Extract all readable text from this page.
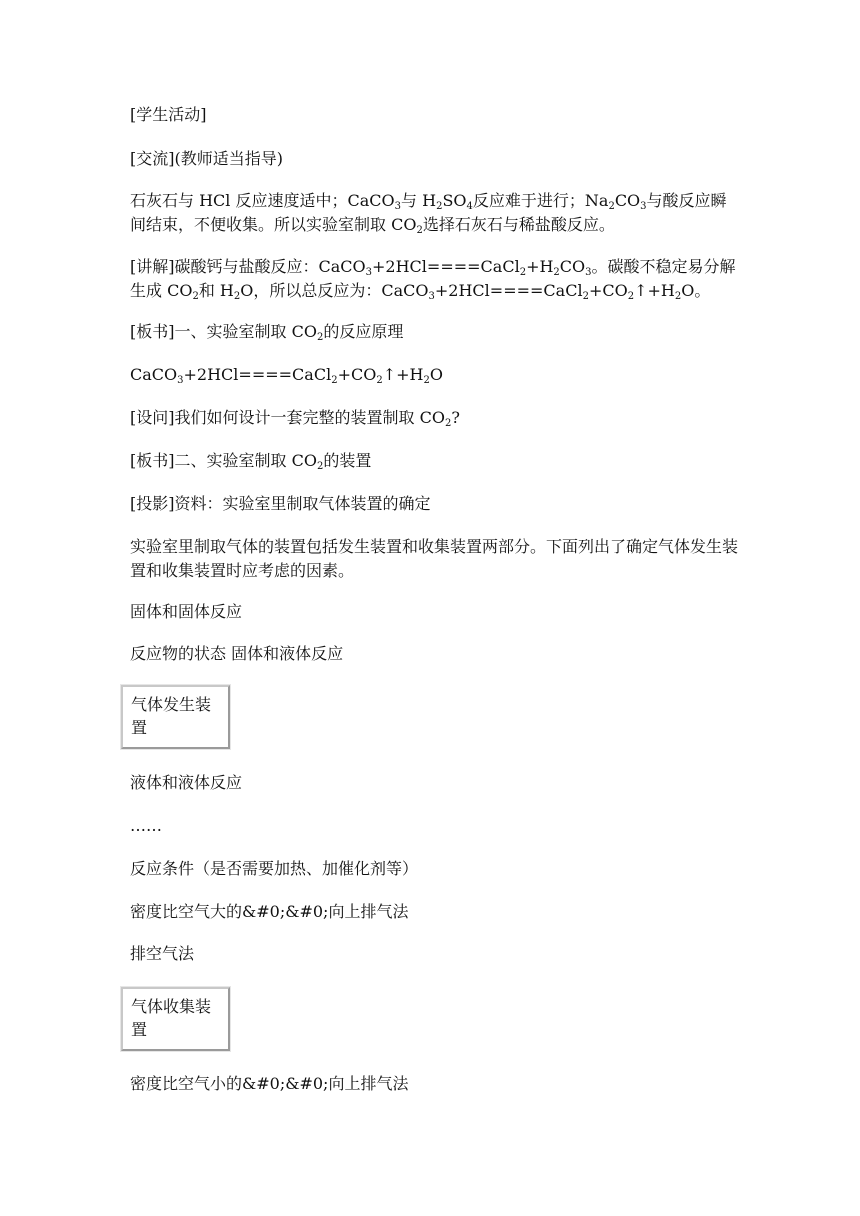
[学生活动]

[交流](教师适当指导)

石灰石与 HCl 反应速度适中；CaCO$_3$与 $H_2SO_4$反应难于进行；$Na_2CO_3$与酸反应瞬间结束，不便收集。所以实验室制取 $CO_2$选择石灰石与稀盐酸反应。

[讲解]碳酸钙与盐酸反应：$CaCO_3+2HCl====CaCl_2+H_2CO_3$。碳酸不稳定易分解生成 $CO_2$和 $H_2O$，所以总反应为：$CaCO_3+2HCl====CaCl_2+CO_2↑+H_2O$。

[板书]一、实验室制取 $CO_2$的反应原理

$CaCO_3+2HCl====CaCl_2+CO_2↑+H_2O$

[设问]我们如何设计一套完整的装置制取 $CO_2$?

[板书]二、实验室制取 $CO_2$的装置

[投影]资料：实验室里制取气体装置的确定

实验室里制取气体的装置包括发生装置和收集装置两部分。下面列出了确定气体发生装置和收集装置时应考虑的因素。

固体和固体反应

反应物的状态 固体和液体反应

气体发生装置

液体和液体反应

……

反应条件（是否需要加热、加催化剂等）

密度比空气大的&#0;&#0;向上排气法

排空气法

气体收集装置

密度比空气小的&#0;&#0;向上排气法
